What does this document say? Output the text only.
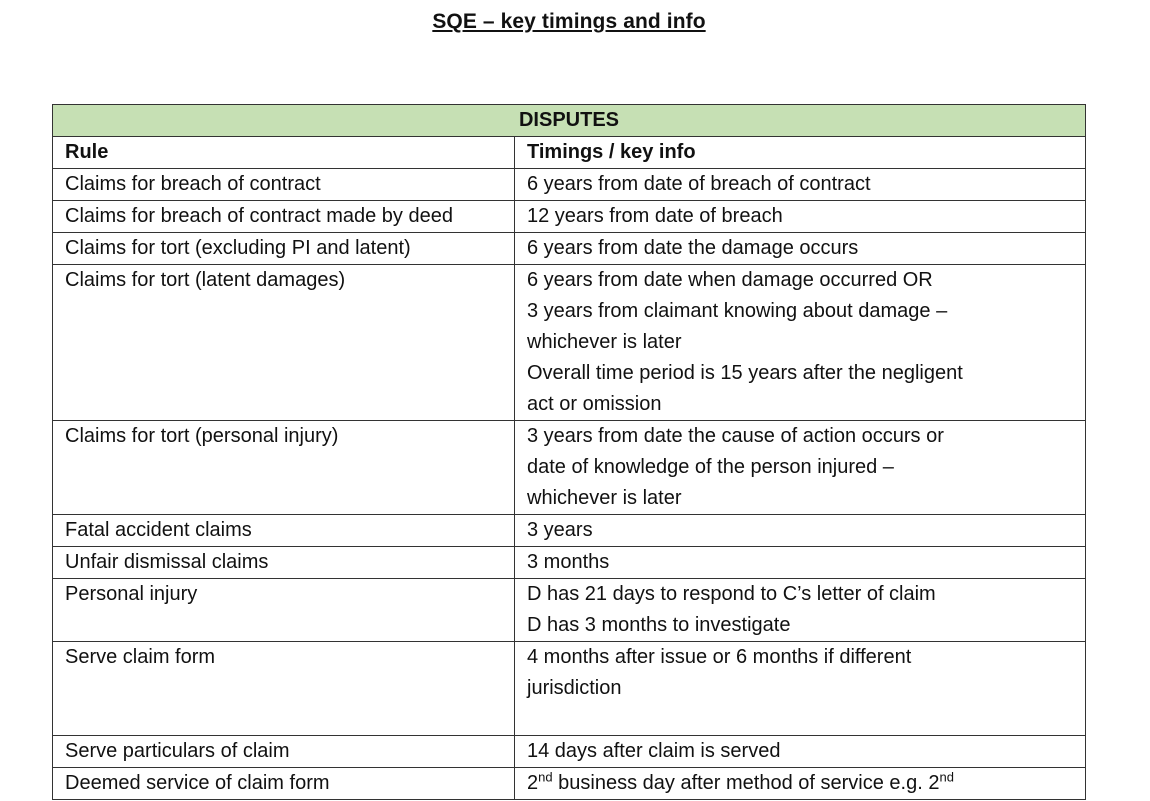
SQE – key timings and info
DISPUTES	
Rule	Timings / key info
Claims for breach of contract	6 years from date of breach of contract

Claims for breach of contract made by deed	12 years from date of breach

Claims for tort (excluding PI and latent)	6 years from date the damage occurs

Claims for tort (latent damages)	6 years from date when damage occurred OR
3 years from claimant knowing about damage –
whichever is later
Overall time period is 15 years after the negligent
act or omission

Claims for tort (personal injury)	3 years from date the cause of action occurs or
date of knowledge of the person injured –
whichever is later

Fatal accident claims	3 years

Unfair dismissal claims	3 months

Personal injury	D has 21 days to respond to C’s letter of claim
D has 3 months to investigate

Serve claim form	4 months after issue or 6 months if different
jurisdiction

Serve particulars of claim	14 days after claim is served

Deemed service of claim form	2nd business day after method of service e.g. 2nd
